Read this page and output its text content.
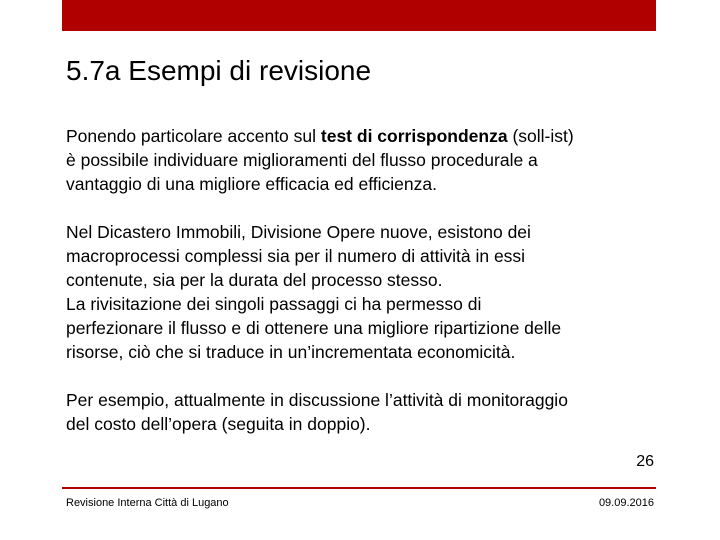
5.7a Esempi di revisione
Ponendo particolare accento sul test di corrispondenza (soll-ist)
è possibile individuare miglioramenti del flusso procedurale a
vantaggio di una migliore efficacia ed efficienza.
Nel Dicastero Immobili, Divisione Opere nuove, esistono dei
macroprocessi complessi sia per il numero di attività in essi
contenute, sia per la durata del processo stesso.
La rivisitazione dei singoli passaggi ci ha permesso di
perfezionare il flusso e di ottenere una migliore ripartizione delle
risorse, ciò che si traduce in un’incrementata economicità.
Per esempio, attualmente in discussione l’attività di monitoraggio
del costo dell’opera (seguita in doppio).
26
Revisione Interna Città di Lugano	09.09.2016
